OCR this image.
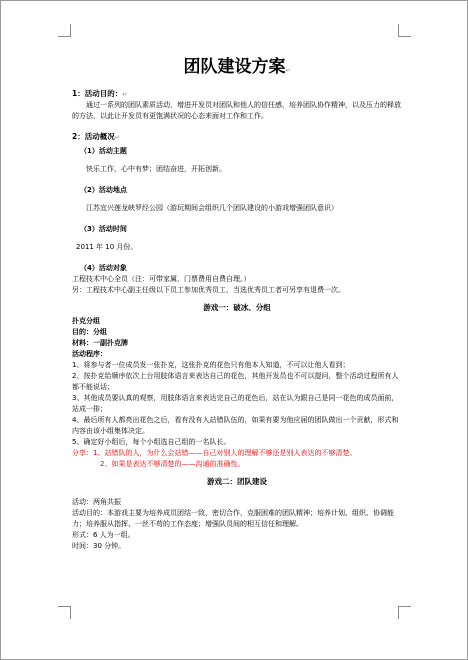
团队建设方案↵

1：活动目的：↵

通过一系列的团队素质活动，增进开发员对团队和他人的信任感，培养团队协作精神，以及压力的释放的方法，以此让开发员有更饱满状况的心态来面对工作和工作。

2：活动概况↵

（1）活动主题

快乐工作，心中有梦；团结奋进，开拓创新。

（2）活动地点

江苏宜兴莲龙峡罗经公园（游玩期间会组织几个团队建设的小游戏增强团队意识）

（3）活动时间

2011 年 10 月份。

（4）活动对象

工程技术中心全员（注：可带家属，门票费用自费自理。）

另：工程技术中心副主任级以下员工参加优秀员工，当选优秀员工者可另享有退费一次。

游戏一：破冰、分组

扑克分组

目的：分组

材料：一副扑克牌

活动程序：

1、将参与者一位成员发一张扑克，这张扑克的花色只有他本人知道，不可以让他人看到；

2、按扑克给顺序依次上台用肢体语言来表达自己的花色，其他开发员也不可以提问，整个活动过程所有人都不能说话；

3、其他成员要认真的观察，用肢体语言来表达完自己的花色后，站在认为跟自己是同一花色的成员面前，站成一排；

4、最后所有人都亮出花色之后，看有没有人站错队伍的，如果有要为他应届的团队做出一个贡献，形式和内容由该小组集体决定。

5、确定好小组后，每个小组选自己组的一名队长。

分享：1、站错队的人，为什么会站错——自己对别人的理解不够还是别人表达的不够清楚。

2、如果是表达不够清楚的——沟通的准确性。

游戏二：团队建设

活动：两角共振

活动目的：本游戏主要为培养成员团结一致，密切合作，克服困难的团队精神；培养计划、组织、协调能力；培养服从指挥、一丝不苟的工作态度；增强队员间的相互信任和理解。

形式：6 人为一组。

时间：30 分钟。
